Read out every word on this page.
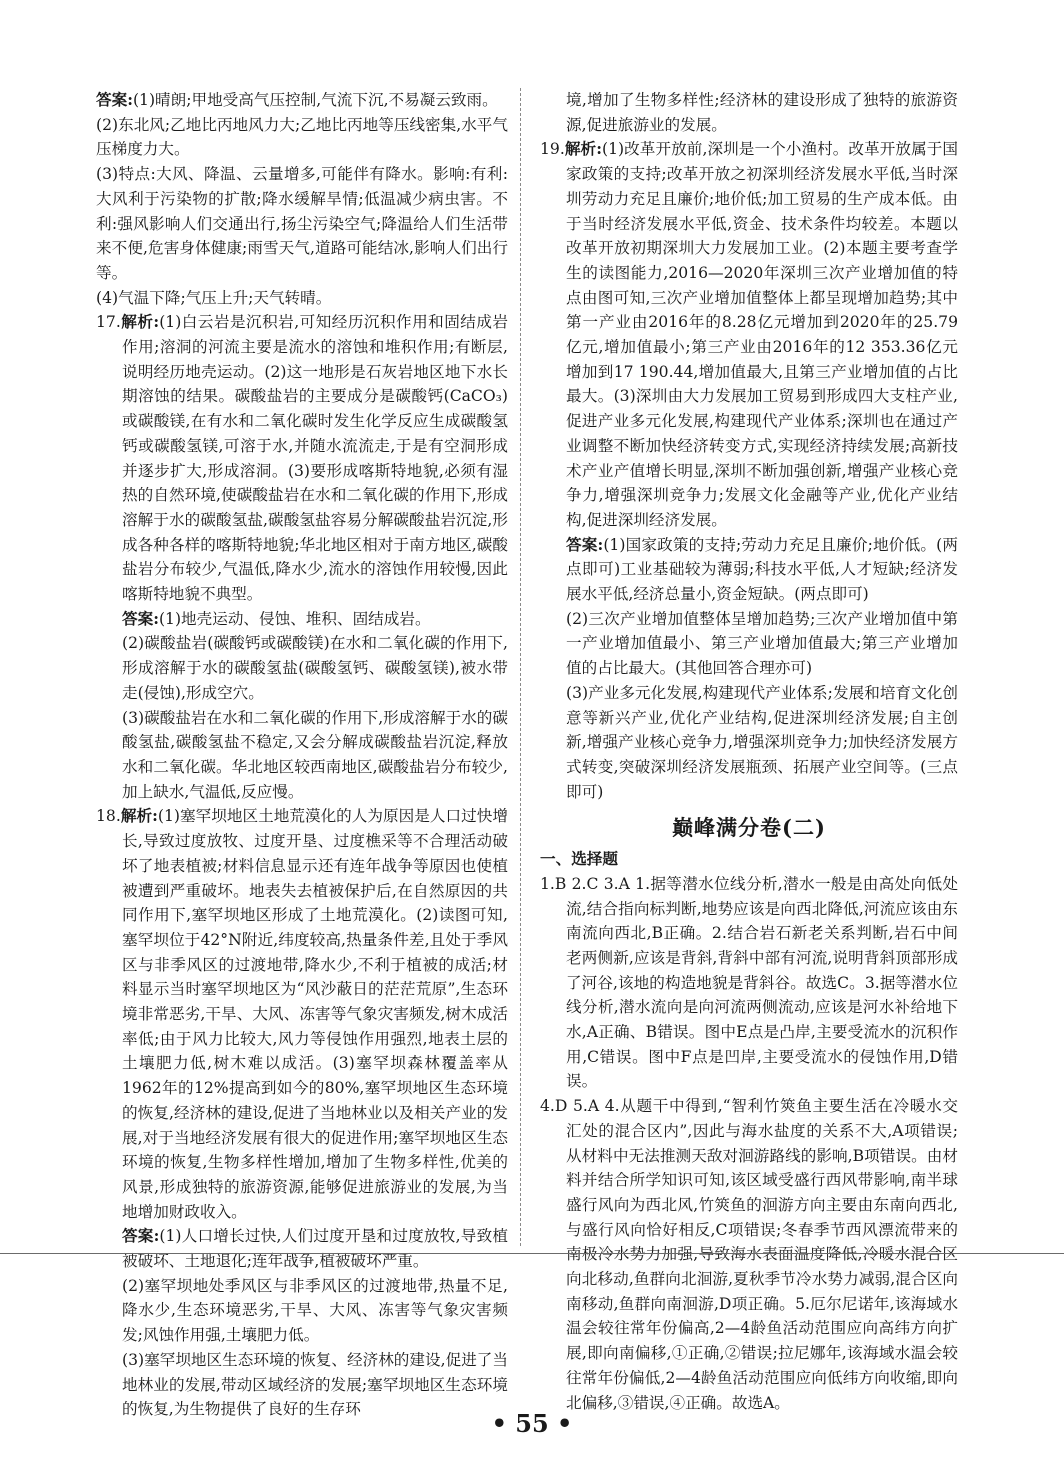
答案:(1)晴朗;甲地受高气压控制,气流下沉,不易凝云致雨。

(2)东北风;乙地比丙地风力大;乙地比丙地等压线密集,水平气压梯度力大。

(3)特点:大风、降温、云量增多,可能伴有降水。影响:有利:大风利于污染物的扩散;降水缓解旱情;低温减少病虫害。不利:强风影响人们交通出行,扬尘污染空气;降温给人们生活带来不便,危害身体健康;雨雪天气,道路可能结冰,影响人们出行等。

(4)气温下降;气压上升;天气转晴。

17.解析:(1)白云岩是沉积岩,可知经历沉积作用和固结成岩作用;溶洞的河流主要是流水的溶蚀和堆积作用;有断层,说明经历地壳运动。(2)这一地形是石灰岩地区地下水长期溶蚀的结果。碳酸盐岩的主要成分是碳酸钙(CaCO₃)或碳酸镁,在有水和二氧化碳时发生化学反应生成碳酸氢钙或碳酸氢镁,可溶于水,并随水流流走,于是有空洞形成并逐步扩大,形成溶洞。(3)要形成喀斯特地貌,必须有湿热的自然环境,使碳酸盐岩在水和二氧化碳的作用下,形成溶解于水的碳酸氢盐,碳酸氢盐容易分解碳酸盐岩沉淀,形成各种各样的喀斯特地貌;华北地区相对于南方地区,碳酸盐岩分布较少,气温低,降水少,流水的溶蚀作用较慢,因此喀斯特地貌不典型。

答案:(1)地壳运动、侵蚀、堆积、固结成岩。

(2)碳酸盐岩(碳酸钙或碳酸镁)在水和二氧化碳的作用下,形成溶解于水的碳酸氢盐(碳酸氢钙、碳酸氢镁),被水带走(侵蚀),形成空穴。

(3)碳酸盐岩在水和二氧化碳的作用下,形成溶解于水的碳酸氢盐,碳酸氢盐不稳定,又会分解成碳酸盐岩沉淀,释放水和二氧化碳。华北地区较西南地区,碳酸盐岩分布较少,加上缺水,气温低,反应慢。

18.解析:(1)塞罕坝地区土地荒漠化的人为原因是人口过快增长,导致过度放牧、过度开垦、过度樵采等不合理活动破坏了地表植被;材料信息显示还有连年战争等原因也使植被遭到严重破坏。地表失去植被保护后,在自然原因的共同作用下,塞罕坝地区形成了土地荒漠化。(2)读图可知,塞罕坝位于42°N附近,纬度较高,热量条件差,且处于季风区与非季风区的过渡地带,降水少,不利于植被的成活;材料显示当时塞罕坝地区为“风沙蔽日的茫茫荒原”,生态环境非常恶劣,干旱、大风、冻害等气象灾害频发,树木成活率低;由于风力比较大,风力等侵蚀作用强烈,地表土层的土壤肥力低,树木难以成活。(3)塞罕坝森林覆盖率从1962年的12%提高到如今的80%,塞罕坝地区生态环境的恢复,经济林的建设,促进了当地林业以及相关产业的发展,对于当地经济发展有很大的促进作用;塞罕坝地区生态环境的恢复,生物多样性增加,增加了生物多样性,优美的风景,形成独特的旅游资源,能够促进旅游业的发展,为当地增加财政收入。

答案:(1)人口增长过快,人们过度开垦和过度放牧,导致植被破坏、土地退化;连年战争,植被破坏严重。

(2)塞罕坝地处季风区与非季风区的过渡地带,热量不足,降水少,生态环境恶劣,干旱、大风、冻害等气象灾害频发;风蚀作用强,土壤肥力低。

(3)塞罕坝地区生态环境的恢复、经济林的建设,促进了当地林业的发展,带动区域经济的发展;塞罕坝地区生态环境的恢复,为生物提供了良好的生存环

境,增加了生物多样性;经济林的建设形成了独特的旅游资源,促进旅游业的发展。

19.解析:(1)改革开放前,深圳是一个小渔村。改革开放属于国家政策的支持;改革开放之初深圳经济发展水平低,当时深圳劳动力充足且廉价;地价低;加工贸易的生产成本低。由于当时经济发展水平低,资金、技术条件均较差。本题以改革开放初期深圳大力发展加工业。(2)本题主要考查学生的读图能力,2016—2020年深圳三次产业增加值的特点由图可知,三次产业增加值整体上都呈现增加趋势;其中第一产业由2016年的8.28亿元增加到2020年的25.79亿元,增加值最小;第三产业由2016年的12 353.36亿元增加到17 190.44,增加值最大,且第三产业增加值的占比最大。(3)深圳由大力发展加工贸易到形成四大支柱产业,促进产业多元化发展,构建现代产业体系;深圳也在通过产业调整不断加快经济转变方式,实现经济持续发展;高新技术产业产值增长明显,深圳不断加强创新,增强产业核心竞争力,增强深圳竞争力;发展文化金融等产业,优化产业结构,促进深圳经济发展。

答案:(1)国家政策的支持;劳动力充足且廉价;地价低。(两点即可)工业基础较为薄弱;科技水平低,人才短缺;经济发展水平低,经济总量小,资金短缺。(两点即可)

(2)三次产业增加值整体呈增加趋势;三次产业增加值中第一产业增加值最小、第三产业增加值最大;第三产业增加值的占比最大。(其他回答合理亦可)

(3)产业多元化发展,构建现代产业体系;发展和培育文化创意等新兴产业,优化产业结构,促进深圳经济发展;自主创新,增强产业核心竞争力,增强深圳竞争力;加快经济发展方式转变,突破深圳经济发展瓶颈、拓展产业空间等。(三点即可)

巅峰满分卷(二)

一、选择题

1.B 2.C 3.A 1.据等潜水位线分析,潜水一般是由高处向低处流,结合指向标判断,地势应该是向西北降低,河流应该由东南流向西北,B正确。2.结合岩石新老关系判断,岩石中间老两侧新,应该是背斜,背斜中部有河流,说明背斜顶部形成了河谷,该地的构造地貌是背斜谷。故选C。3.据等潜水位线分析,潜水流向是向河流两侧流动,应该是河水补给地下水,A正确、B错误。图中E点是凸岸,主要受流水的沉积作用,C错误。图中F点是凹岸,主要受流水的侵蚀作用,D错误。

4.D 5.A 4.从题干中得到,“智利竹筴鱼主要生活在冷暖水交汇处的混合区内”,因此与海水盐度的关系不大,A项错误;从材料中无法推测天敌对洄游路线的影响,B项错误。由材料并结合所学知识可知,该区域受盛行西风带影响,南半球盛行风向为西北风,竹筴鱼的洄游方向主要由东南向西北,与盛行风向恰好相反,C项错误;冬春季节西风漂流带来的南极冷水势力加强,导致海水表面温度降低,冷暖水混合区向北移动,鱼群向北洄游,夏秋季节冷水势力减弱,混合区向南移动,鱼群向南洄游,D项正确。5.厄尔尼诺年,该海域水温会较往常年份偏高,2—4龄鱼活动范围应向高纬方向扩展,即向南偏移,①正确,②错误;拉尼娜年,该海域水温会较往常年份偏低,2—4龄鱼活动范围应向低纬方向收缩,即向北偏移,③错误,④正确。故选A。

• 55 •
